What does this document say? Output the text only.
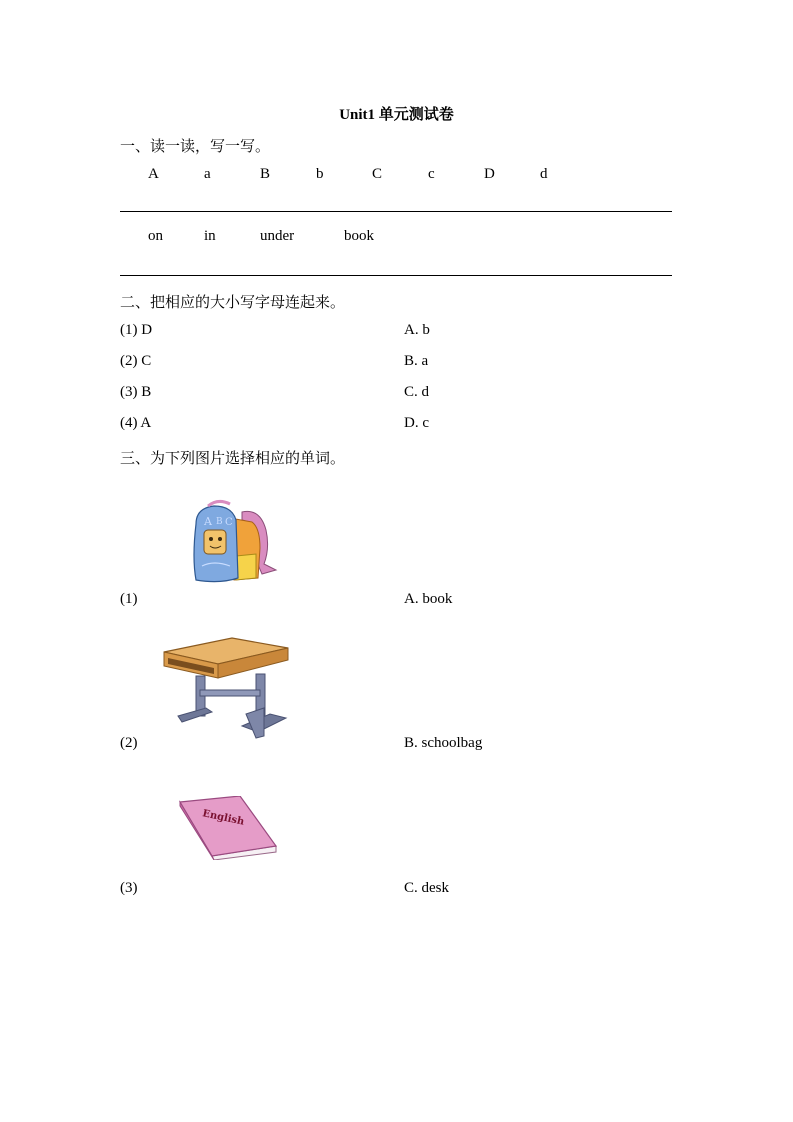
Unit1 单元测试卷
一、读一读，写一写。
A	a	B	b	C	c	D	d
on	in	under	book
二、把相应的大小写字母连起来。
(1) D	A. b
(2) C	B. a
(3) B	C. d
(4) A	D. c
三、为下列图片选择相应的单词。
A B C
(1)	A. book
(2)	B. schoolbag
English
(3)	C. desk
